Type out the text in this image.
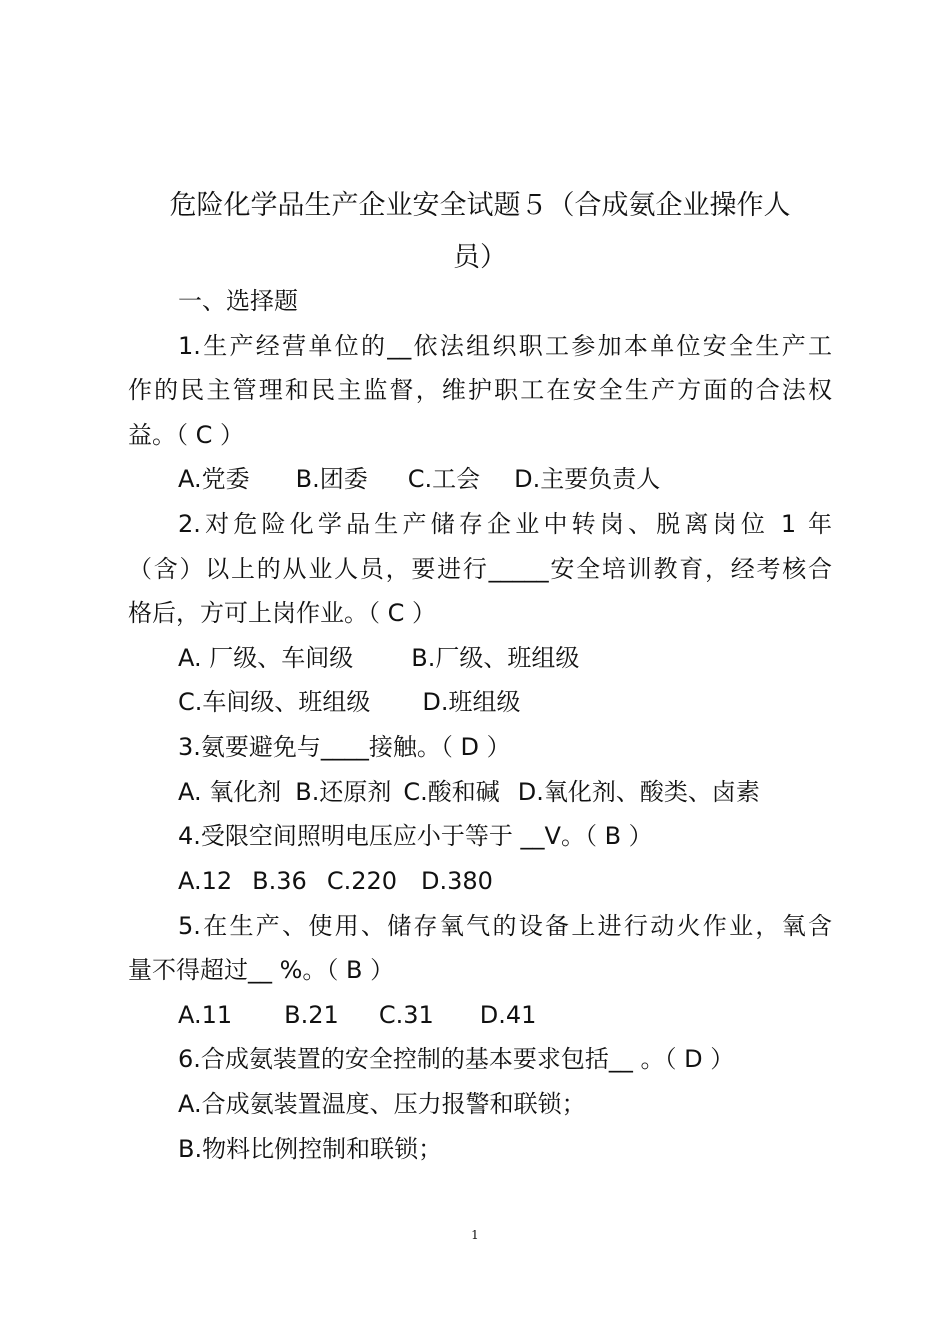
危险化学品生产企业安全试题５（合成氨企业操作人
员）
一、选择题
1.生产经营单位的__依法组织职工参加本单位安全生产工
作的民主管理和民主监督，维护职工在安全生产方面的合法权
益。（ C ）
A.党委 B.团委 C.工会 D.主要负责人
2.对危险化学品生产储存企业中转岗、脱离岗位 1 年
（含）以上的从业人员，要进行_____安全培训教育，经考核合
格后，方可上岗作业。（ C ）
A. 厂级、车间级 B.厂级、班组级
C.车间级、班组级 D.班组级
3.氨要避免与____接触。（ D ）
A. 氧化剂 B.还原剂 C.酸和碱 D.氧化剂、酸类、卤素
4.受限空间照明电压应小于等于 __V。（ B ）
A.12 B.36 C.220 D.380
5.在生产、使用、储存氧气的设备上进行动火作业，氧含
量不得超过__ %。（ B ）
A.11 B.21 C.31 D.41
6.合成氨装置的安全控制的基本要求包括__ 。（ D ）
A.合成氨装置温度、压力报警和联锁；
B.物料比例控制和联锁；
1
